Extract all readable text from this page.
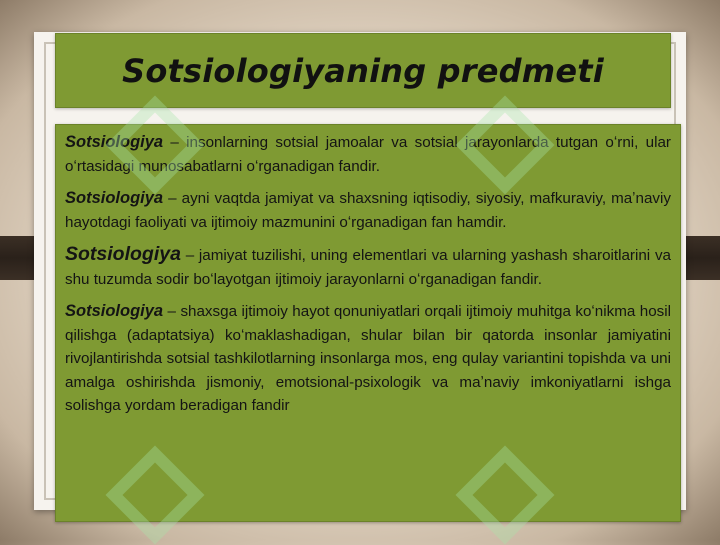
Sotsiologiyaning predmeti

Sotsiologiya – insonlarning sotsial jamoalar va sotsial jarayonlarda tutgan oʻrni, ular oʻrtasidagi munosabatlarni oʻrganadigan fandir.

Sotsiologiya – ayni vaqtda jamiyat va shaxsning iqtisodiy, siyosiy, mafkuraviy, maʼnaviy hayotdagi faoliyati va ijtimoiy mazmunini oʻrganadigan fan hamdir.

Sotsiologiya – jamiyat tuzilishi, uning elementlari va ularning yashash sharoitlarini va shu tuzumda sodir boʻlayotgan ijtimoiy jarayonlarni oʻrganadigan fandir.

Sotsiologiya – shaxsga ijtimoiy hayot qonuniyatlari orqali ijtimoiy muhitga koʻnikma hosil qilishga (adaptatsiya) koʻmaklashadigan, shular bilan bir qatorda insonlar jamiyatini rivojlantirishda sotsial tashkilotlarning insonlarga mos, eng qulay variantini topishda va uni amalga oshirishda jismoniy, emotsional-psixologik va maʼnaviy imkoniyatlarni ishga solishga yordam beradigan fandir
